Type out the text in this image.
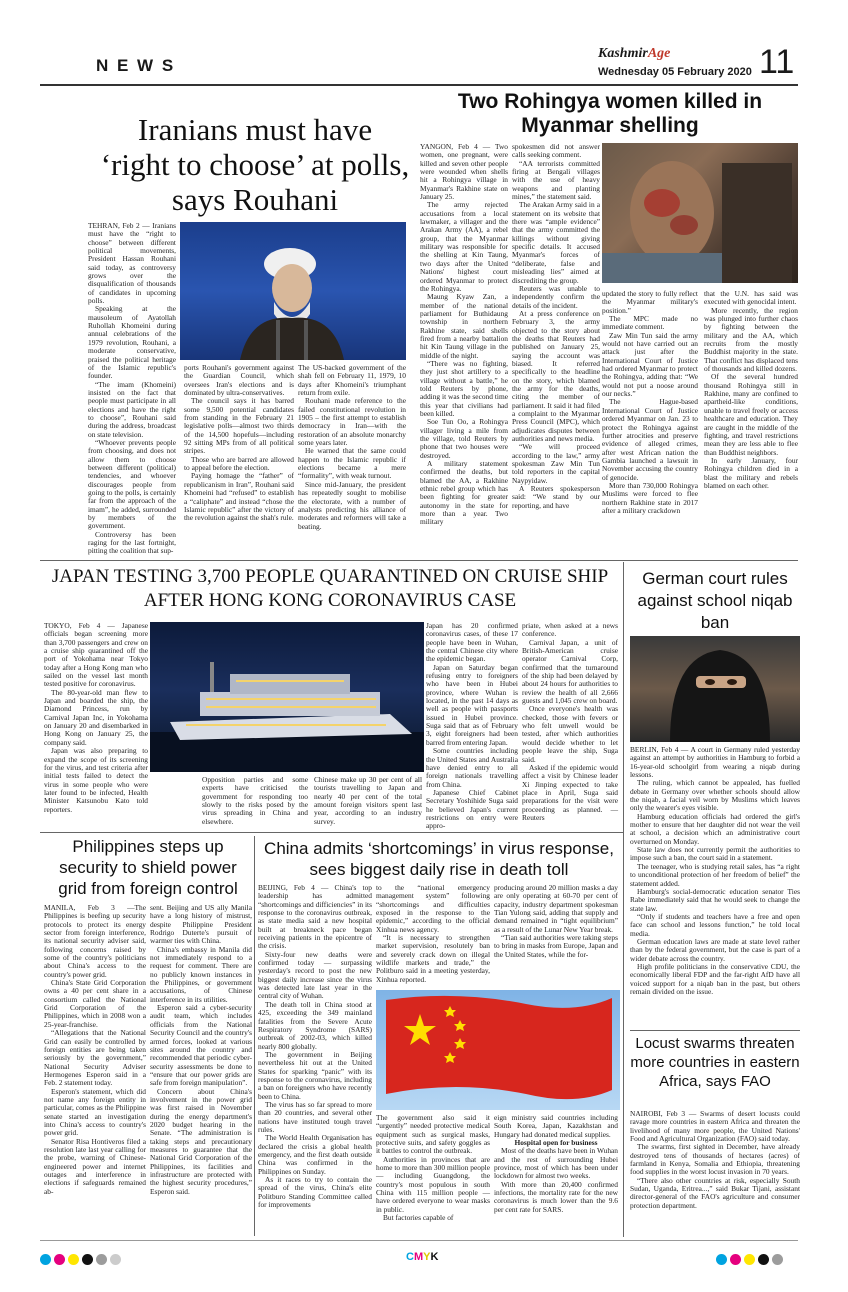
N E W S
KashmirAge
Wednesday 05 February 2020 11
Two Rohingya women killed in Myanmar shelling

YANGON, Feb 4 — Two women, one pregnant, were killed and seven other people were wounded when shells hit a Rohingya village in Myanmar's Rakhine state on January 25.

The army rejected accusations from a local lawmaker, a villager and the Arakan Army (AA), a rebel group, that the Myanmar military was responsible for the shelling at Kin Taung, two days after the United Nations' highest court ordered Myanmar to protect the Rohingya.

Maung Kyaw Zan, a member of the national parliament for Buthidaung township in northern Rakhine state, said shells fired from a nearby battalion hit Kin Taung village in the middle of the night.

“There was no fighting, they just shot artillery to a village without a battle,” he told Reuters by phone, adding it was the second time this year that civilians had been killed.

Soe Tun Oo, a Rohingya villager living a mile from the village, told Reuters by phone that two houses were destroyed.

A military statement confirmed the deaths, but blamed the AA, a Rakhine ethnic rebel group which has been fighting for greater autonomy in the state for more than a year. Two military

spokesmen did not answer calls seeking comment.

“AA terrorists committed firing at Bengali villages with the use of heavy weapons and planting mines,” the statement said.

The Arakan Army said in a statement on its website that there was “ample evidence” that the army committed the killings without giving specific details. It accused Myanmar's forces of “deliberate, false and misleading lies” aimed at discrediting the group.

Reuters was unable to independently confirm the details of the incident.

At a press conference on February 3, the army objected to the story about the deaths that Reuters had published on January 25, saying the account was biased. It referred specifically to the headline on the story, which blamed the army for the deaths, citing the member of parliament. It said it had filed a complaint to the Myanmar Press Council (MPC), which adjudicates disputes between authorities and news media.

“We will proceed according to the law,” army spokesman Zaw Min Tun told reporters in the capital Naypyidaw.

A Reuters spokesperson said: “We stand by our reporting, and have

updated the story to fully reflect the Myanmar military's position.”

The MPC made no immediate comment.

Zaw Min Tun said the army would not have carried out an attack just after the International Court of Justice had ordered Myanmar to protect the Rohingya, adding that: “We would not put a noose around our necks.”

The Hague-based International Court of Justice ordered Myanmar on Jan. 23 to protect the Rohingya against further atrocities and preserve evidence of alleged crimes, after west African nation the Gambia launched a lawsuit in November accusing the country of genocide.

More than 730,000 Rohingya Muslims were forced to flee northern Rakhine state in 2017 after a military crackdown

that the U.N. has said was executed with genocidal intent.

More recently, the region was plunged into further chaos by fighting between the military and the AA, which recruits from the mostly Buddhist majority in the state. That conflict has displaced tens of thousands and killed dozens.

Of the several hundred thousand Rohingya still in Rakhine, many are confined to apartheid-like conditions, unable to travel freely or access healthcare and education. They are caught in the middle of the fighting, and travel restrictions mean they are less able to flee than Buddhist neighbors.

In early January, four Rohingya children died in a blast the military and rebels blamed on each other.

Iranians must have ‘right to choose’ at polls, says Rouhani

TEHRAN, Feb 2 — Iranians must have the “right to choose” between different political movements, President Hassan Rouhani said today, as controversy grows over the disqualification of thousands of candidates in upcoming polls.

Speaking at the mausoleum of Ayatollah Ruhollah Khomeini during annual celebrations of the 1979 revolution, Rouhani, a moderate conservative, praised the political heritage of the Islamic republic's founder.

“The imam (Khomeini) insisted on the fact that people must participate in all elections and have the right to choose”, Rouhani said during the address, broadcast on state television.

“Whoever prevents people from choosing, and does not allow them to choose between different (political) tendencies, and whoever discourages people from going to the polls, is certainly far from the approach of the imam”, he added, surrounded by members of the government.

Controversy has been raging for the last fortnight, pitting the coalition that sup-

ports Rouhani's government against the Guardian Council, which oversees Iran's elections and is dominated by ultra-conservatives.

The council says it has barred some 9,500 potential candidates from standing in the February 21 legislative polls—almost two thirds of the 14,500 hopefuls—including 92 sitting MPs from of all political stripes.

Those who are barred are allowed to appeal before the election.

Paying homage the “father” of republicanism in Iran”, Rouhani said Khomeini had “refused” to establish a “caliphate” and instead “chose the Islamic republic” after the victory of the revolution against the shah's rule.

The US-backed government of the shah fell on February 11, 1979, 10 days after Khomeini's triumphant return from exile.

Rouhani made reference to the failed constitutional revolution in 1905 – the first attempt to establish democracy in Iran—with the restoration of an absolute monarchy some years later.

He warned that the same could happen to the Islamic republic if elections became a mere “formality”, with weak turnout.

Since mid-January, the president has repeatedly sought to mobilise the electorate, with a number of analysts predicting his alliance of moderates and reformers will take a beating.

JAPAN TESTING 3,700 PEOPLE QUARANTINED ON CRUISE SHIP AFTER HONG KONG CORONAVIRUS CASE

TOKYO, Feb 4 — Japanese officials began screening more than 3,700 passengers and crew on a cruise ship quarantined off the port of Yokohama near Tokyo today after a Hong Kong man who sailed on the vessel last month tested positive for coronavirus.

The 80-year-old man flew to Japan and boarded the ship, the Diamond Princess, run by Carnival Japan Inc, in Yokohama on January 20 and disembarked in Hong Kong on January 25, the company said.

Japan was also preparing to expand the scope of its screening for the virus, and test criteria after initial tests failed to detect the virus in some people who were later found to be infected, Health Minister Katsunobu Kato told reporters.

Opposition parties and some experts have criticised the government for responding too slowly to the risks posed by the virus spreading in China and elsewhere.

Chinese make up 30 per cent of all tourists travelling to Japan and nearly 40 per cent of the total amount foreign visitors spent last year, according to an industry survey.

Japan has 20 confirmed coronavirus cases, of these 17 people have been in Wuhan, the central Chinese city where the epidemic began.

Japan on Saturday began refusing entry to foreigners who have been in Hubei province, where Wuhan is located, in the past 14 days as well as people with passports issued in Hubei province. Suga said that as of February 3, eight foreigners had been barred from entering Japan.

Some countries including the United States and Australia have denied entry to all foreign nationals travelling from China.

Japanese Chief Cabinet Secretary Yoshihide Suga said he believed Japan's current restrictions on entry were appro-

priate, when asked at a news conference.

Carnival Japan, a unit of British-American cruise operator Carnival Corp, confirmed that the turnaround of the ship had been delayed by about 24 hours for authorities to review the health of all 2,666 guests and 1,045 crew on board.

Once everyone's health was checked, those with fevers or who felt unwell would be tested, after which authorities would decide whether to let people leave the ship, Suga said.

Asked if the epidemic would affect a visit by Chinese leader Xi Jinping expected to take place in April, Suga said preparations for the visit were proceeding as planned. — Reuters

German court rules against school niqab ban

BERLIN, Feb 4 — A court in Germany ruled yesterday against an attempt by authorities in Hamburg to forbid a 16-year-old schoolgirl from wearing a niqab during lessons.

The ruling, which cannot be appealed, has fuelled debate in Germany over whether schools should allow the niqab, a facial veil worn by Muslims which leaves only the wearer's eyes visible.

Hamburg education officials had ordered the girl's mother to ensure that her daughter did not wear the veil at school, a decision which an administrative court overturned on Monday.

State law does not currently permit the authorities to impose such a ban, the court said in a statement.

The teenager, who is studying retail sales, has “a right to unconditional protection of her freedom of belief” the statement added.

Hamburg's social-democratic education senator Ties Rabe immediately said that he would seek to change the state law.

“Only if students and teachers have a free and open face can school and lessons function,” he told local media.

German education laws are made at state level rather than by the federal government, but the case is part of a wider debate across the country.

High profile politicians in the conservative CDU, the economically liberal FDP and the far-right AfD have all voiced support for a niqab ban in the past, but others remain divided on the issue.

Locust swarms threaten more countries in eastern Africa, says FAO

NAIROBI, Feb 3 — Swarms of desert locusts could ravage more countries in eastern Africa and threaten the livelihood of many more people, the United Nations' Food and Agricultural Organization (FAO) said today.

The swarms, first sighted in December, have already destroyed tens of thousands of hectares (acres) of farmland in Kenya, Somalia and Ethiopia, threatening food supplies in the worst locust invasion in 70 years.

“There also other countries at risk, especially South Sudan, Uganda, Eritrea...,” said Bukar Tijani, assistant director-general of the FAO's agriculture and consumer protection department.

Philippines steps up security to shield power grid from foreign control

MANILA, Feb 3 —The Philippines is beefing up security protocols to protect its energy sector from foreign interference, its national security adviser said, following concerns raised by some of the country's politicians about China's access to the country's power grid.

China's State Grid Corporation owns a 40 per cent share in a consortium called the National Grid Corporation of the Philippines, which in 2008 won a 25-year-franchise.

“Allegations that the National Grid can easily be controlled by foreign entities are being taken seriously by the government,” National Security Adviser Hermogenes Esperon said in a Feb. 2 statement today.

Esperon's statement, which did not name any foreign entity in particular, comes as the Philippine senate started an investigation into China's access to country's power grid.

Senator Risa Hontiveros filed a resolution late last year calling for the probe, warning of Chinese-engineered power and internet outages and interference in elections if safeguards remained ab-

sent. Beijing and US ally Manila have a long history of mistrust, despite Philippine President Rodrigo Duterte's pursuit of warmer ties with China.

China's embassy in Manila did not immediately respond to a request for comment. There are no publicly known instances in the Philippines, or government accusations, of Chinese interference in its utilities.

Esperon said a cyber-security audit team, which includes officials from the National Security Council and the country's armed forces, looked at various sites around the country and recommended that periodic cyber-security assessments be done to “ensure that our power grids are safe from foreign manipulation”.

Concern about China's involvement in the power grid was first raised in November during the energy department's 2020 budget hearing in the Senate. “The administration is taking steps and precautionary measures to guarantee that the National Grid Corporation of the Philippines, its facilities and infrastructure are protected with the highest security procedures,” Esperon said.

China admits ‘shortcomings’ in virus response, sees biggest daily rise in death toll

BEIJING, Feb 4 — China's top leadership has admitted “shortcomings and difficiencies” in its response to the coronavirus outbreak, as state media said a new hospital built at breakneck pace began receiving patients in the epicentre of the crisis.

Sixty-four new deaths were confirmed today — surpassing yesterday's record to post the new biggest daily increase since the virus was detected late last year in the central city of Wuhan.

The death toll in China stood at 425, exceeding the 349 mainland fatalities from the Severe Acute Respiratory Syndrome (SARS) outbreak of 2002-03, which killed nearly 800 globally.

The government in Beijing nevertheless hit out at the United States for sparking “panic” with its response to the coronavirus, including a ban on foreigners who have recently been to China.

The virus has so far spread to more than 20 countries, and several other nations have instituted tough travel rules.

The World Health Organisation has declared the crisis a global health emergency, and the first death outside China was confirmed in the Philippines on Sunday.

As it races to try to contain the spread of the virus, China's elite Politburo Standing Committee called for improvements

to the “national emergency management system” following “shortcomings and difficulties exposed in the response to the epidemic,” according to the official Xinhua news agency.

“It is necessary to strengthen market supervision, resolutely ban and severely crack down on illegal wildlife markets and trade,” the Politburo said in a meeting yesterday, Xinhua reported.

producing around 20 million masks a day are only operating at 60-70 per cent of capacity, industry department spokesman Tian Yulong said, adding that supply and demand remained in “tight equilibrium” as a result of the Lunar New Year break.

“Tian said authorities were taking steps to bring in masks from Europe, Japan and the United States, while the for-

The government also said it “urgently” needed protective medical equipment such as surgical masks, protective suits, and safety goggles as it battles to control the outbreak.

Authorities in provinces that are home to more than 300 million people — including Guangdong, the country's most populous in south China with 115 million people — have ordered everyone to wear masks in public.

But factories capable of

eign ministry said countries including South Korea, Japan, Kazakhstan and Hungary had donated medical supplies.

Hospital open for business

Most of the deaths have been in Wuhan and the rest of surrounding Hubei province, most of which has been under lockdown for almost two weeks.

With more than 20,400 confirmed infections, the mortality rate for the new coronavirus is much lower than the 9.6 per cent rate for SARS.

CMYK
